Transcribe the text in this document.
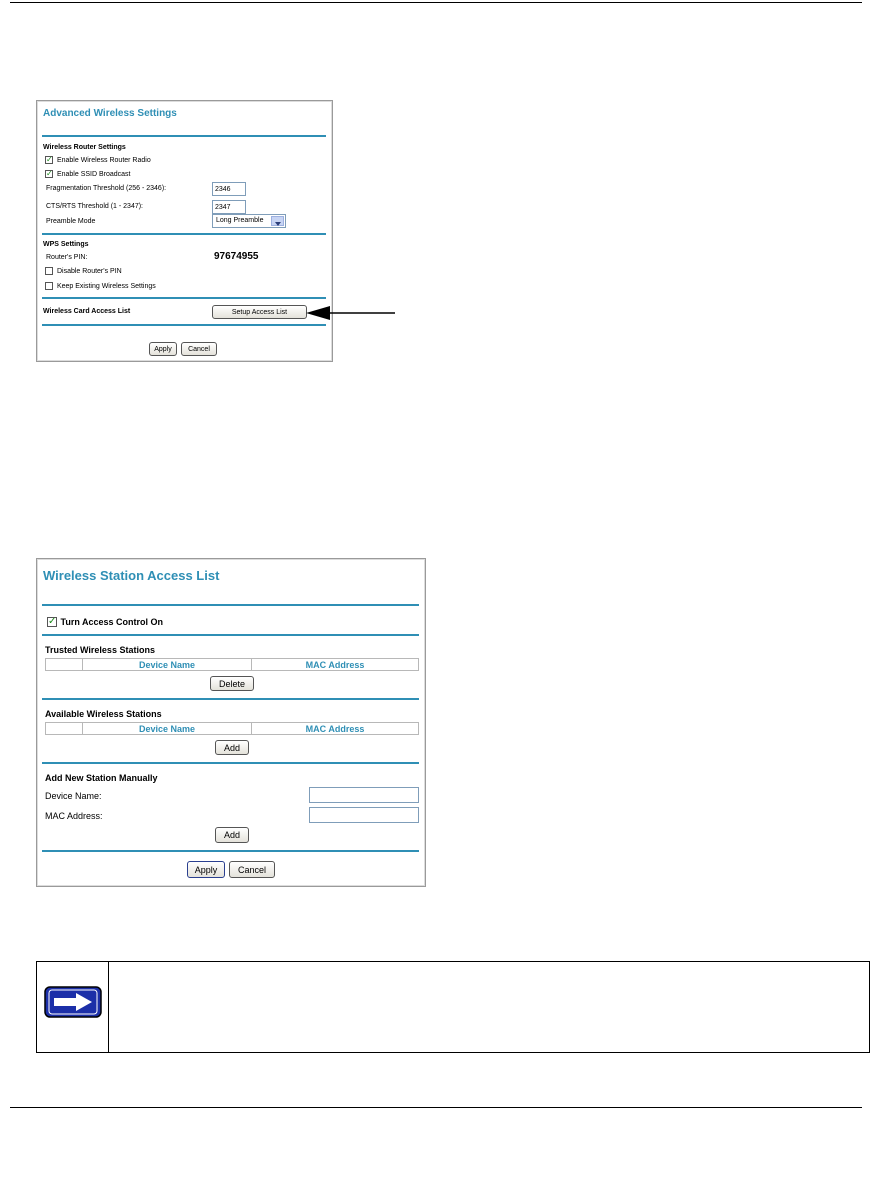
Advanced Wireless Settings
Wireless Router Settings
✓ Enable Wireless Router Radio
✓ Enable SSID Broadcast
Fragmentation Threshold (256 - 2346):
2346
CTS/RTS Threshold (1 - 2347):
2347
Preamble Mode	Long Preamble
WPS Settings
Router's PIN:	97674955
Disable Router's PIN
Keep Existing Wireless Settings
Wireless Card Access List	Setup Access List
Apply	Cancel
Wireless Station Access List
✓ Turn Access Control On
Trusted Wireless Stations
	Device Name	MAC Address
Delete
Available Wireless Stations
	Device Name	MAC Address
Add
Add New Station Manually
Device Name:
MAC Address:
Add
Apply	Cancel
